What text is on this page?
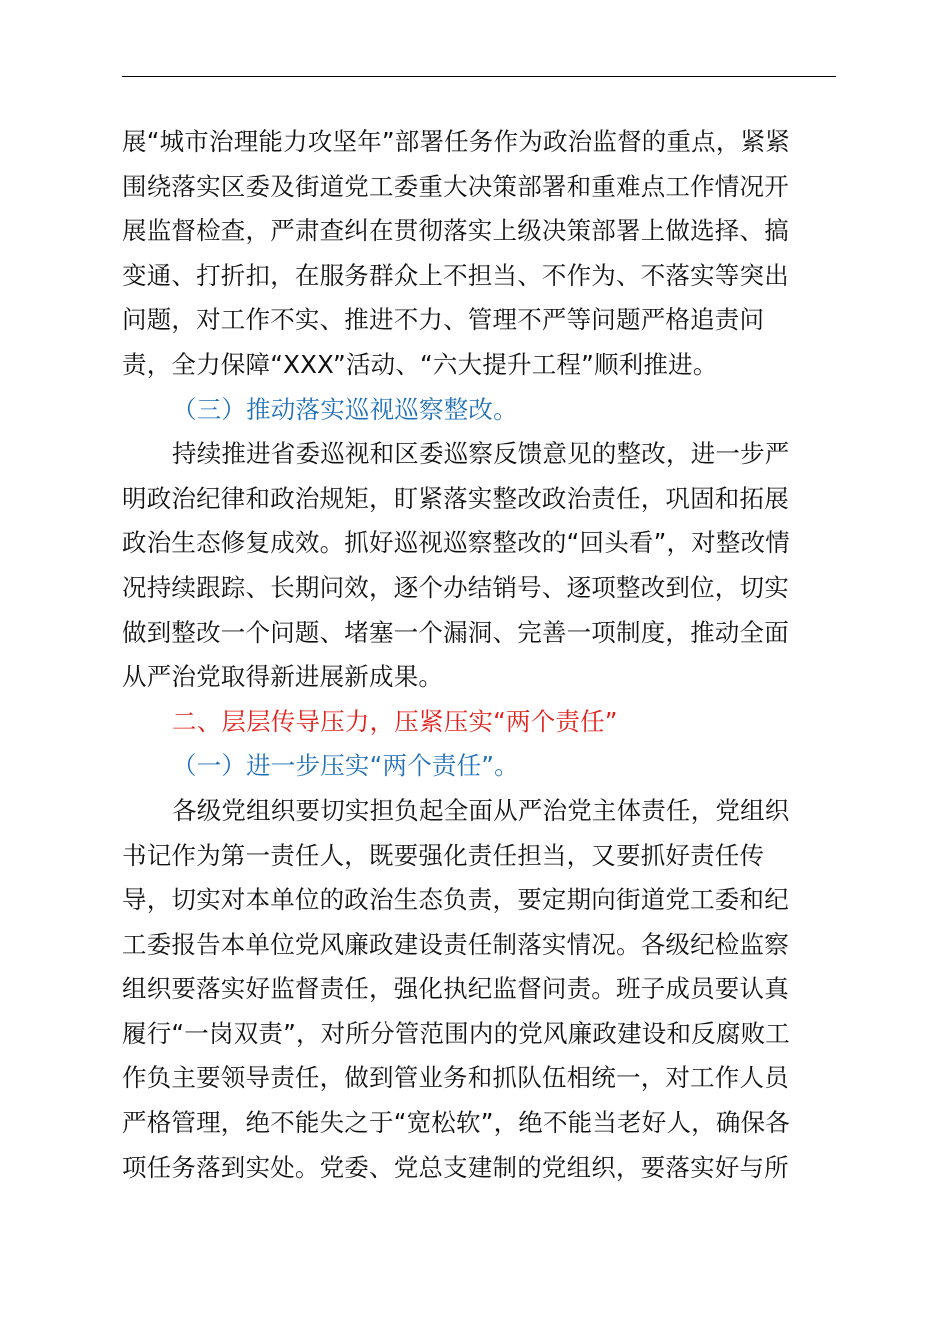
展“城市治理能力攻坚年”部署任务作为政治监督的重点，紧紧
围绕落实区委及街道党工委重大决策部署和重难点工作情况开
展监督检查，严肃查纠在贯彻落实上级决策部署上做选择、搞
变通、打折扣，在服务群众上不担当、不作为、不落实等突出
问题，对工作不实、推进不力、管理不严等问题严格追责问
责，全力保障“XXX”活动、“六大提升工程”顺利推进。
（三）推动落实巡视巡察整改。
持续推进省委巡视和区委巡察反馈意见的整改，进一步严
明政治纪律和政治规矩，盯紧落实整改政治责任，巩固和拓展
政治生态修复成效。抓好巡视巡察整改的“回头看”，对整改情
况持续跟踪、长期问效，逐个办结销号、逐项整改到位，切实
做到整改一个问题、堵塞一个漏洞、完善一项制度，推动全面
从严治党取得新进展新成果。
二、层层传导压力，压紧压实“两个责任”
（一）进一步压实“两个责任”。
各级党组织要切实担负起全面从严治党主体责任，党组织
书记作为第一责任人，既要强化责任担当，又要抓好责任传
导，切实对本单位的政治生态负责，要定期向街道党工委和纪
工委报告本单位党风廉政建设责任制落实情况。各级纪检监察
组织要落实好监督责任，强化执纪监督问责。班子成员要认真
履行“一岗双责”，对所分管范围内的党风廉政建设和反腐败工
作负主要领导责任，做到管业务和抓队伍相统一，对工作人员
严格管理，绝不能失之于“宽松软”，绝不能当老好人，确保各
项任务落到实处。党委、党总支建制的党组织，要落实好与所
